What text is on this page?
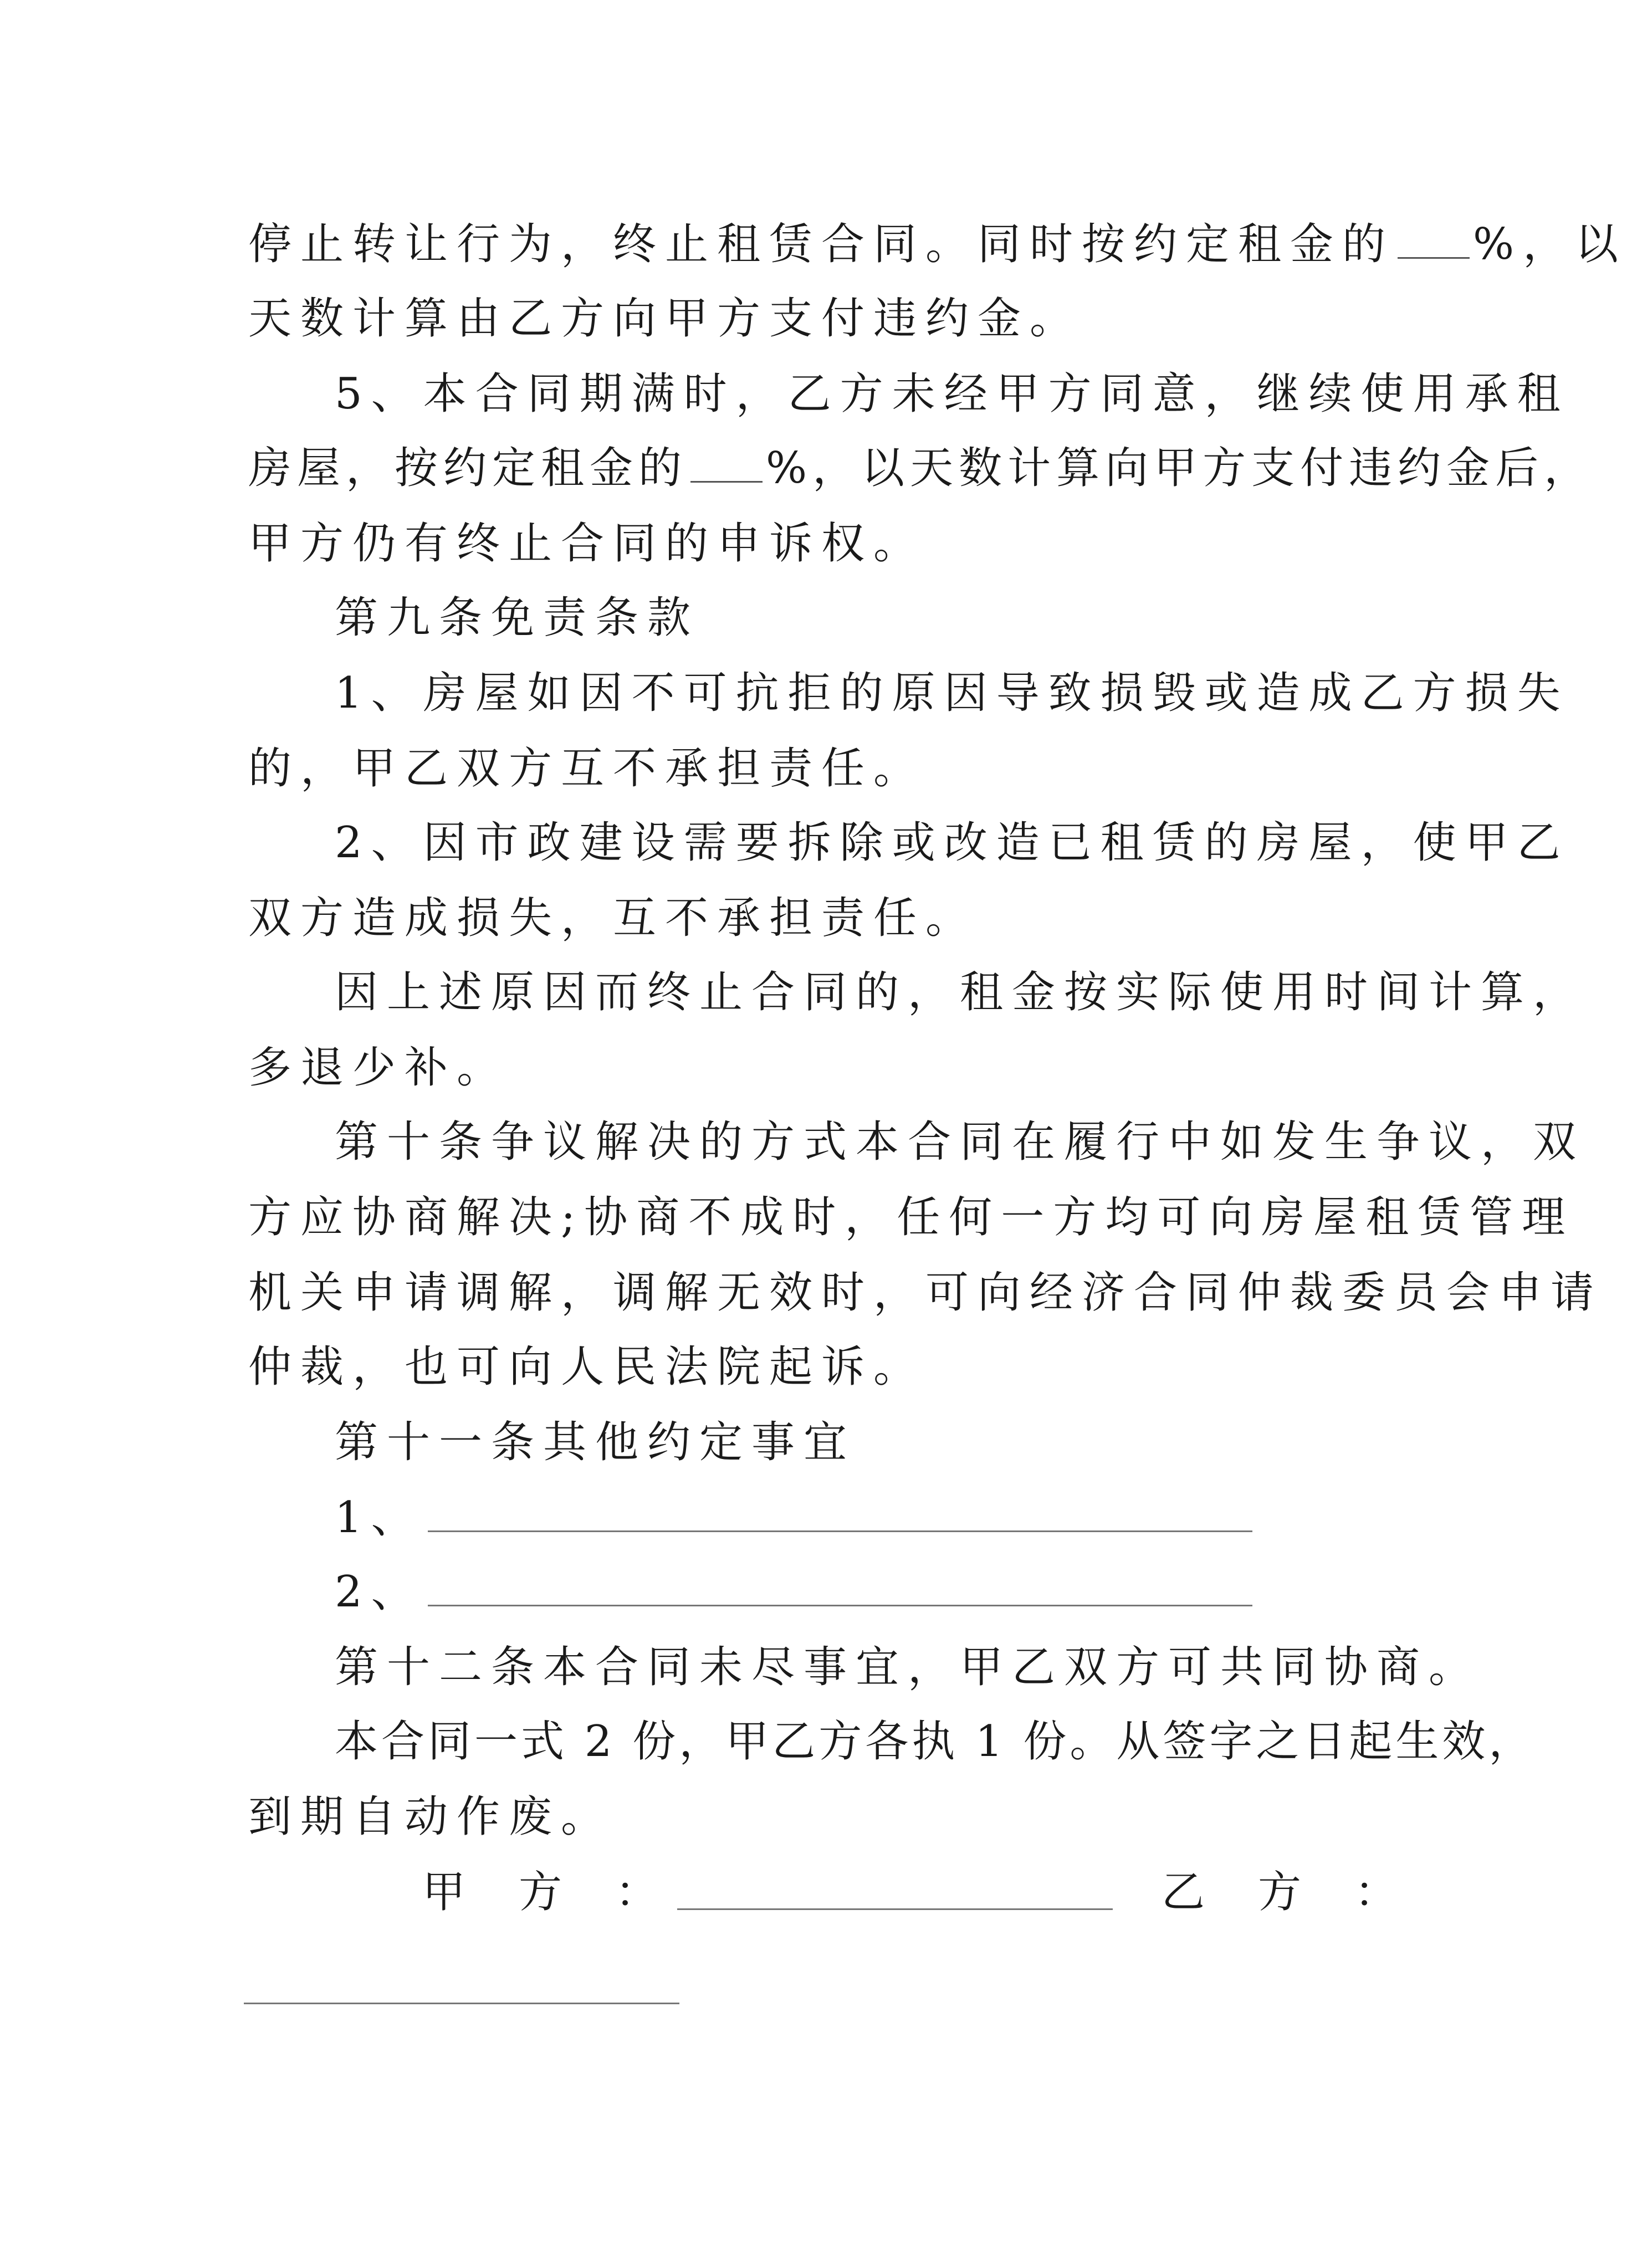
停止转让行为，终止租赁合同。同时按约定租金的 %，以
天数计算由乙方向甲方支付违约金。
5、本合同期满时，乙方未经甲方同意，继续使用承租
房屋，按约定租金的 %，以天数计算向甲方支付违约金后，
甲方仍有终止合同的申诉权。
第九条免责条款
1、房屋如因不可抗拒的原因导致损毁或造成乙方损失
的，甲乙双方互不承担责任。
2、因市政建设需要拆除或改造已租赁的房屋，使甲乙
双方造成损失，互不承担责任。
因上述原因而终止合同的，租金按实际使用时间计算，
多退少补。
第十条争议解决的方式本合同在履行中如发生争议，双
方应协商解决;协商不成时，任何一方均可向房屋租赁管理
机关申请调解，调解无效时，可向经济合同仲裁委员会申请
仲裁，也可向人民法院起诉。
第十一条其他约定事宜
1、
2、
第十二条本合同未尽事宜，甲乙双方可共同协商。
本合同一式 2 份，甲乙方各执 1 份。从签字之日起生效，
到期自动作废。
甲 方 ：	乙 方 ：
